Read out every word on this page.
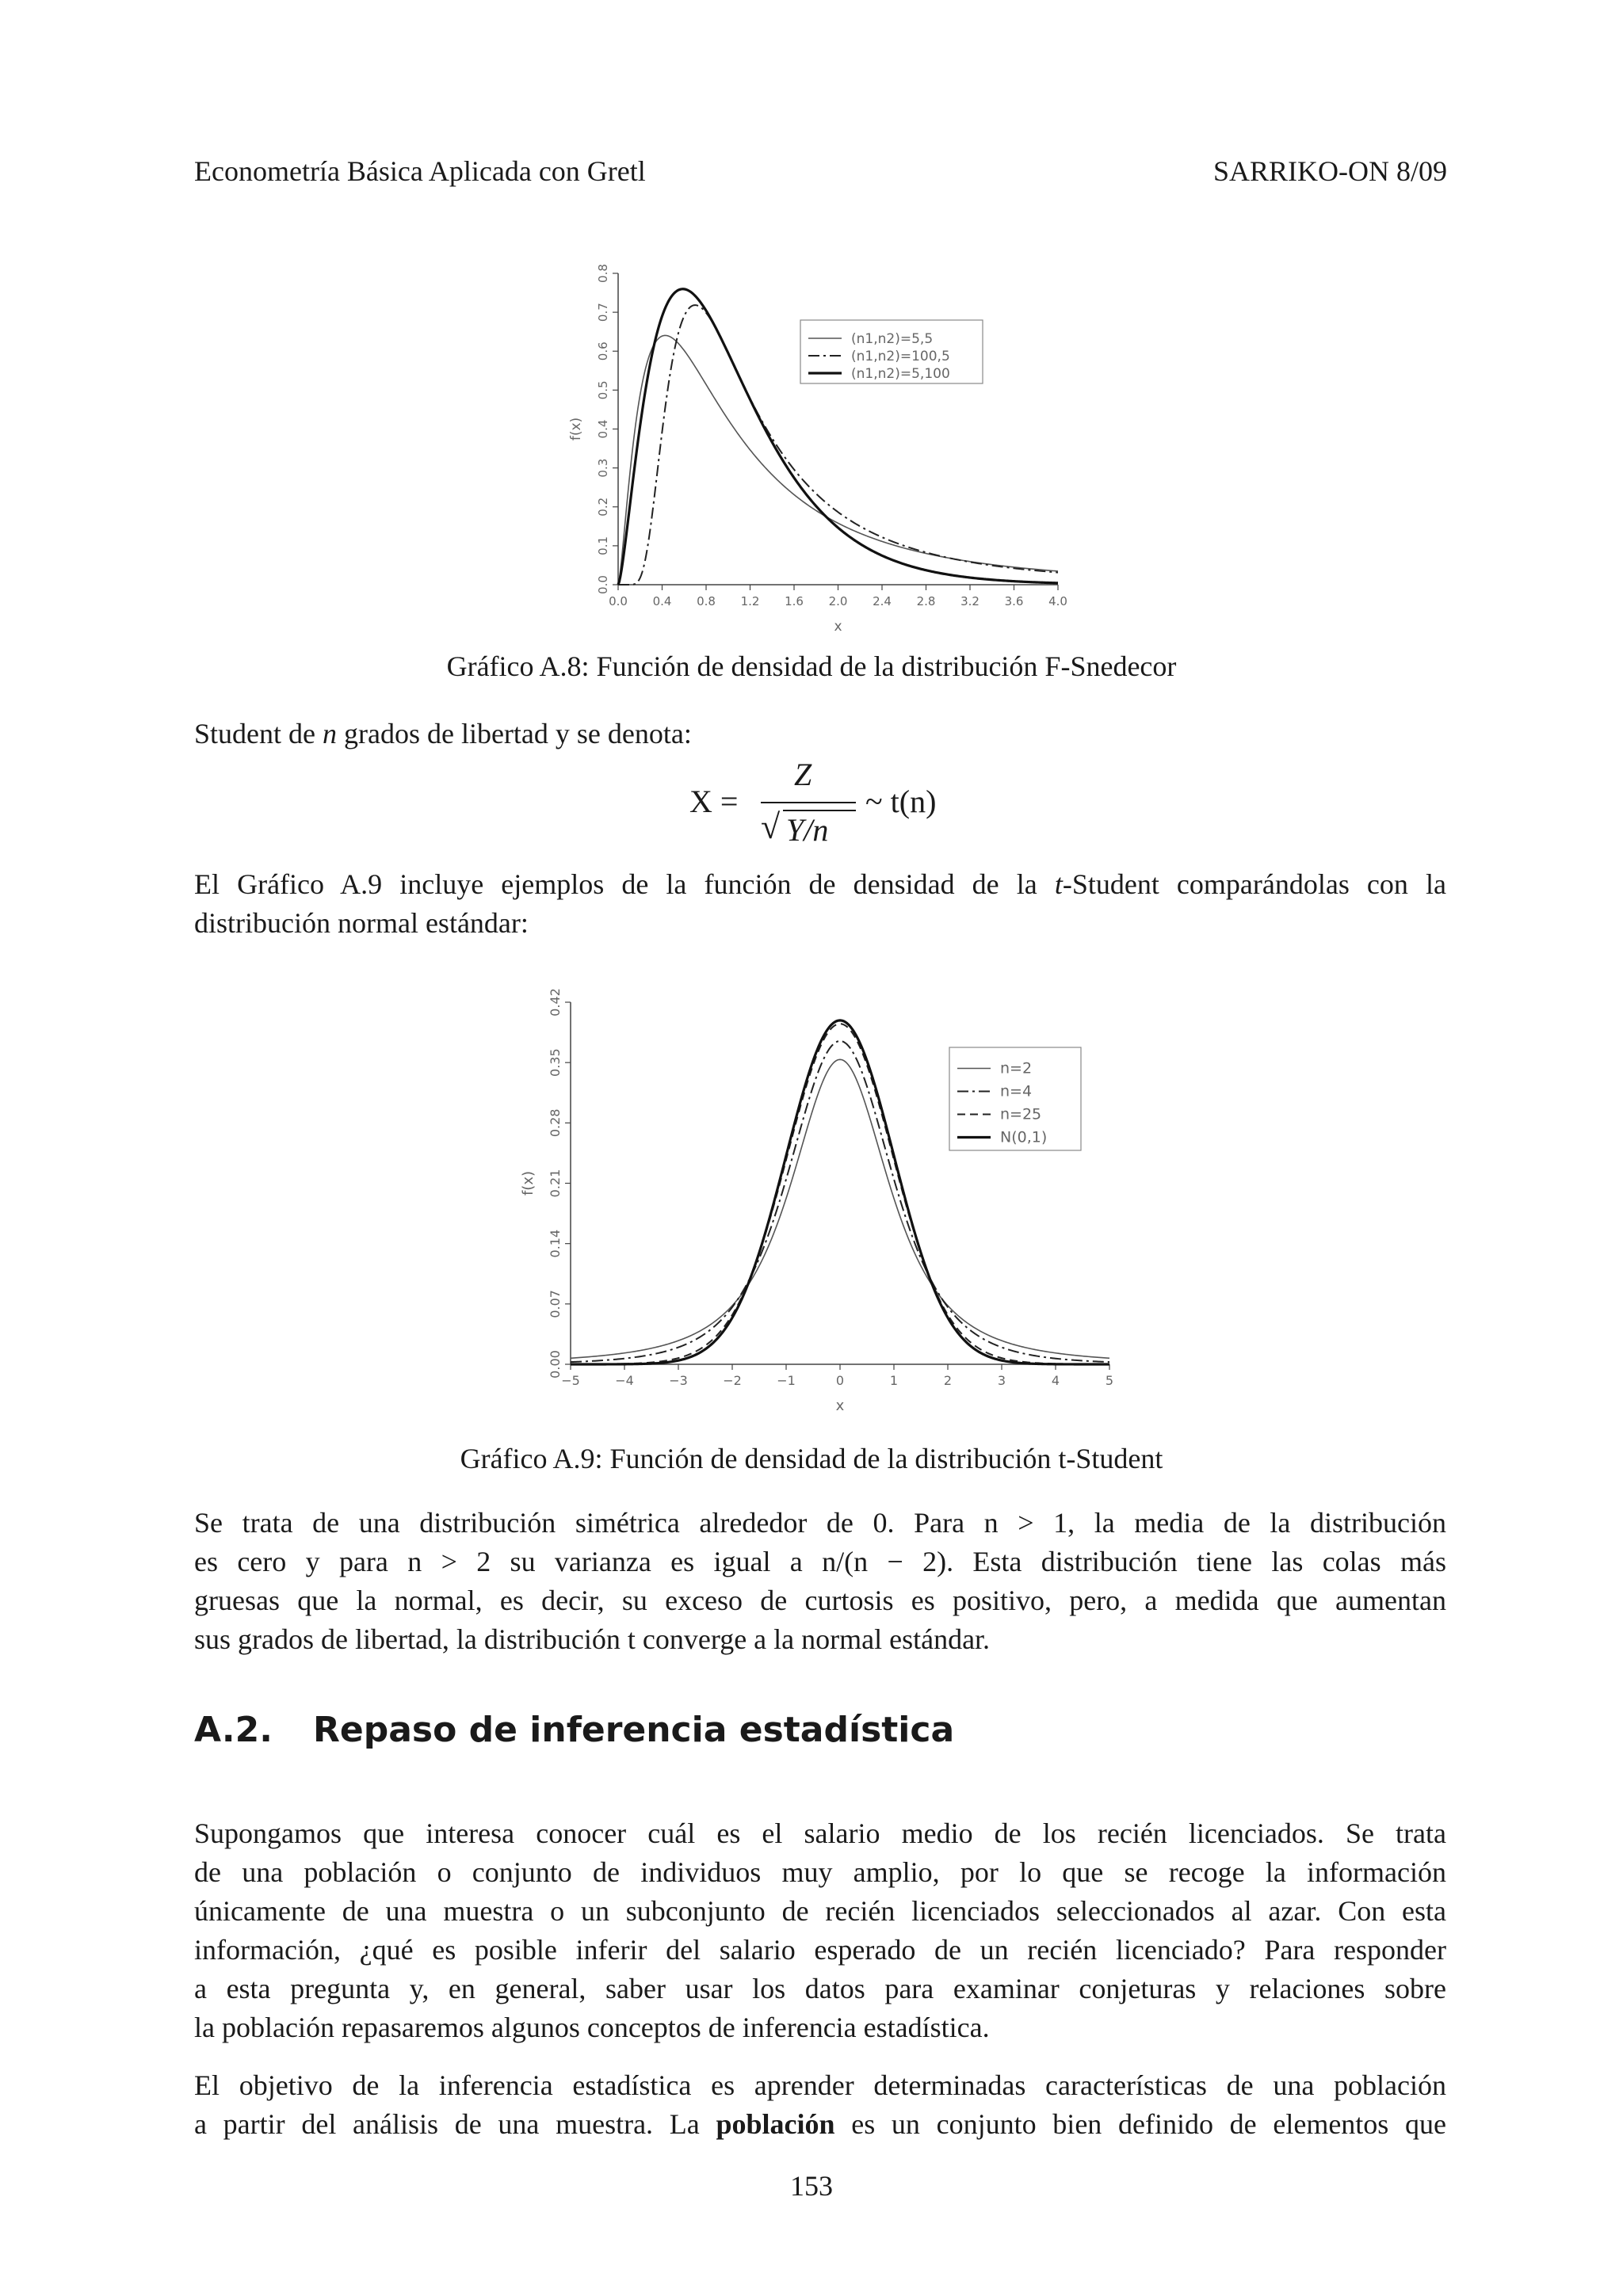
Econometría Básica Aplicada con Gretl	SARRIKO-ON 8/09
0.0 0.4 0.8 1.2 1.6 2.0 2.4 2.8 3.2 3.6 4.0
0.0
0.1
0.2
0.3
0.4
0.5
0.6
0.7
0.8
x
f(x)
(n1,n2)=5,5
(n1,n2)=100,5
(n1,n2)=5,100
Gráfico A.8: Función de densidad de la distribución F-Snedecor
Student de n grados de libertad y se denota:
X =
Z
√ Y/n
~ t(n)
El Gráfico A.9 incluye ejemplos de la función de densidad de la t-Student comparándolas con la
distribución normal estándar:
−5	−4	−3	−2	−1	0	1	2	3	4	5
0.00
0.07
0.14
0.21
0.28
0.35
0.42
x
f(x)
n=2
n=4
n=25
N(0,1)
Gráfico A.9: Función de densidad de la distribución t-Student
Se trata de una distribución simétrica alrededor de 0. Para n > 1, la media de la distribución
es cero y para n > 2 su varianza es igual a n/(n − 2). Esta distribución tiene las colas más
gruesas que la normal, es decir, su exceso de curtosis es positivo, pero, a medida que aumentan
sus grados de libertad, la distribución t converge a la normal estándar.
A.2. Repaso de inferencia estadística
Supongamos que interesa conocer cuál es el salario medio de los recién licenciados. Se trata
de una población o conjunto de individuos muy amplio, por lo que se recoge la información
únicamente de una muestra o un subconjunto de recién licenciados seleccionados al azar. Con esta
información, ¿qué es posible inferir del salario esperado de un recién licenciado? Para responder
a esta pregunta y, en general, saber usar los datos para examinar conjeturas y relaciones sobre
la población repasaremos algunos conceptos de inferencia estadística.
El objetivo de la inferencia estadística es aprender determinadas características de una población
a partir del análisis de una muestra. La población es un conjunto bien definido de elementos que
153
